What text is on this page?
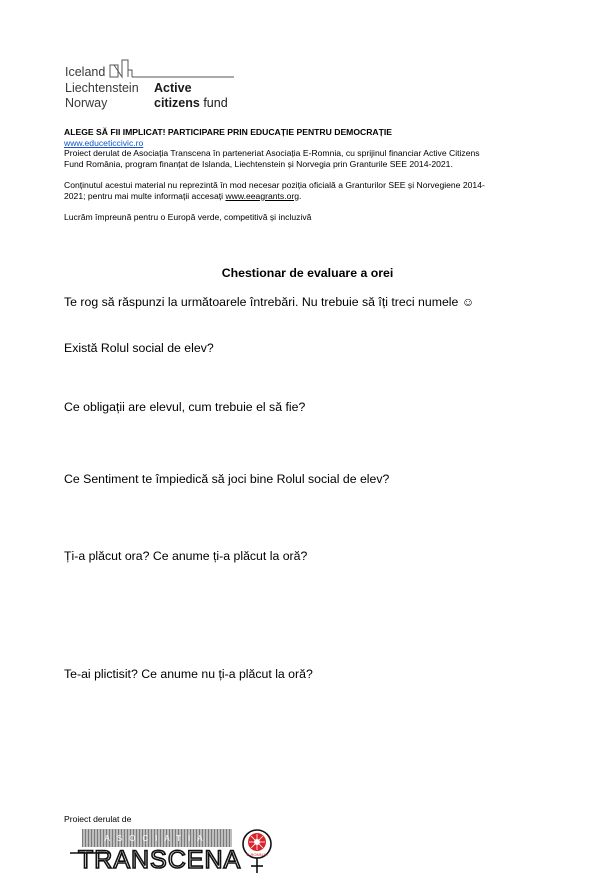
Iceland
Liechtenstein
Norway
Active
citizens fund

ALEGE SĂ FII IMPLICAT! PARTICIPARE PRIN EDUCAȚIE PENTRU DEMOCRAȚIE

www.educeticcivic.ro

Proiect derulat de Asociația Transcena în parteneriat Asociația E-Romnia, cu sprijinul financiar Active Citizens

Fund România, program finanțat de Islanda, Liechtenstein și Norvegia prin Granturile SEE 2014-2021.

Conținutul acestui material nu reprezintă în mod necesar poziția oficială a Granturilor SEE și Norvegiene 2014-

2021; pentru mai multe informații accesați www.eeagrants.org.

Lucrăm împreună pentru o Europă verde, competitivă și incluzivă

Chestionar de evaluare a orei
Te rog să răspunzi la următoarele întrebări. Nu trebuie să îți treci numele ☺
Există Rolul social de elev?
Ce obligații are elevul, cum trebuie el să fie?
Ce Sentiment te împiedică să joci bine Rolul social de elev?
Ți-a plăcut ora? Ce anume ți-a plăcut la oră?
Te-ai plictisit? Ce anume nu ți-a plăcut la oră?
Proiect derulat de
ASOCIATIA
TRANSCENA E-ROMNJA
